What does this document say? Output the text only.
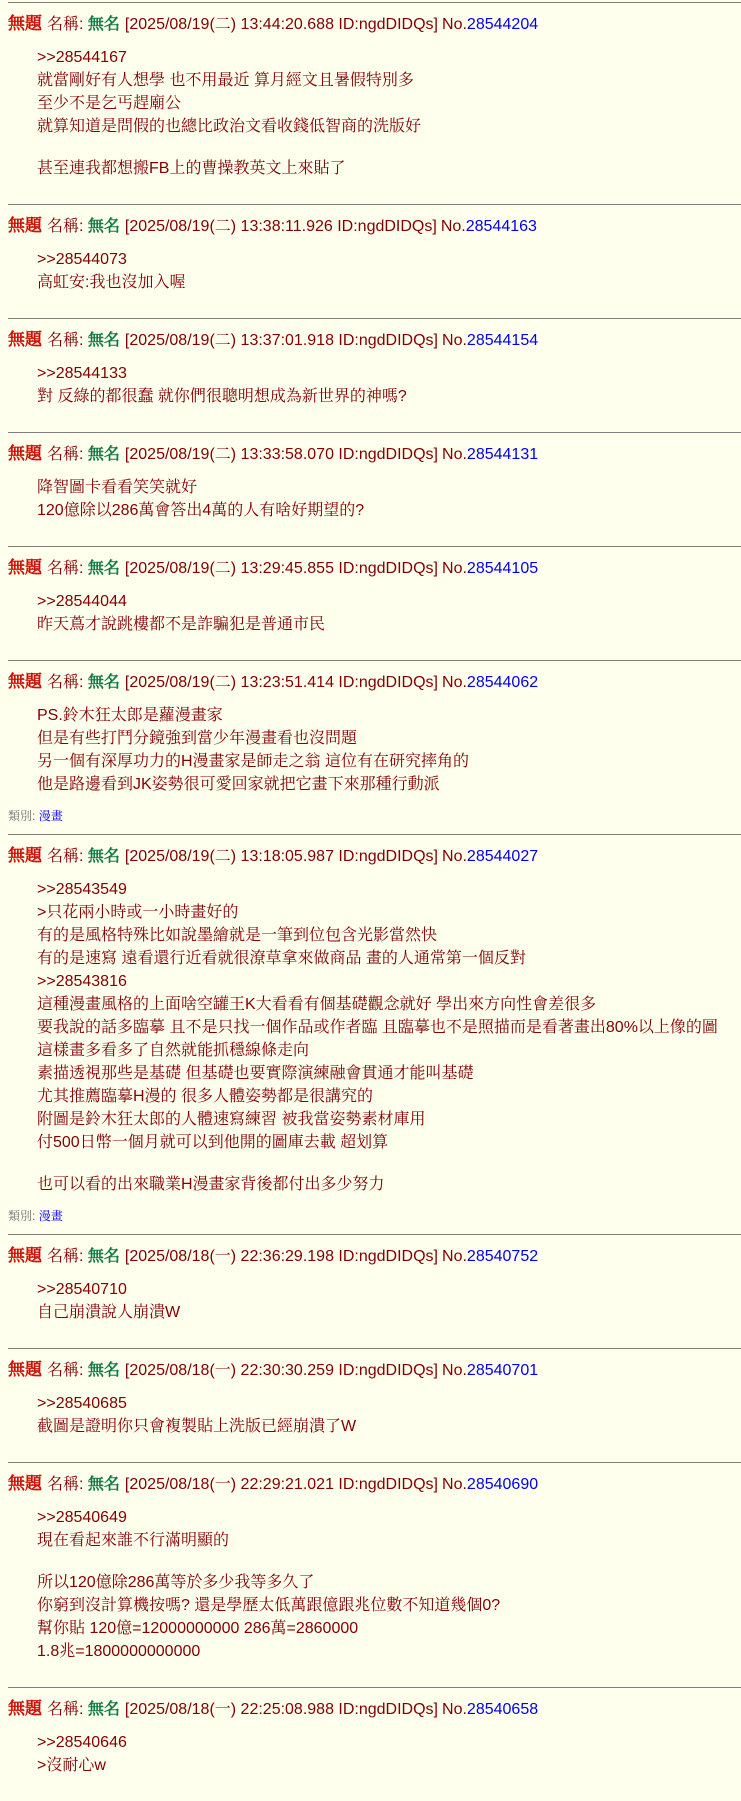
無題 名稱:
無名 [2025/08/19(二) 13:44:20.688 ID:ngdDIDQs] No. 28544204
>>28544167
就當剛好有人想學 也不用最近 算月經文且暑假特別多
至少不是乞丐趕廟公
就算知道是問假的也總比政治文看收錢低智商的洗版好
甚至連我都想搬FB上的曹操教英文上來貼了
無題 名稱:
無名 [2025/08/19(二) 13:38:11.926 ID:ngdDIDQs] No. 28544163
>>28544073
高虹安:我也沒加入喔
無題 名稱:
無名 [2025/08/19(二) 13:37:01.918 ID:ngdDIDQs] No. 28544154
>>28544133
對 反綠的都很蠢 就你們很聰明想成為新世界的神嗎?
無題 名稱:
無名 [2025/08/19(二) 13:33:58.070 ID:ngdDIDQs] No. 28544131
降智圖卡看看笑笑就好
120億除以286萬會答出4萬的人有啥好期望的?
無題 名稱:
無名 [2025/08/19(二) 13:29:45.855 ID:ngdDIDQs] No. 28544105
>>28544044
昨天蔦才說跳樓都不是詐騙犯是普通市民
無題 名稱:
無名 [2025/08/19(二) 13:23:51.414 ID:ngdDIDQs] No. 28544062
PS.鈴木狂太郎是蘿漫畫家
但是有些打鬥分鏡強到當少年漫畫看也沒問題
另一個有深厚功力的H漫畫家是師走之翁 這位有在研究摔角的
他是路邊看到JK姿勢很可愛回家就把它畫下來那種行動派
類別: 漫畫
無題 名稱:
無名 [2025/08/19(二) 13:18:05.987 ID:ngdDIDQs] No. 28544027
>>28543549
>只花兩小時或一小時畫好的
有的是風格特殊比如說墨繪就是一筆到位包含光影當然快
有的是速寫 遠看還行近看就很潦草拿來做商品 畫的人通常第一個反對
>>28543816
這種漫畫風格的上面啥空罐王K大看看有個基礎觀念就好 學出來方向性會差很多
要我說的話多臨摹 且不是只找一個作品或作者臨 且臨摹也不是照描而是看著畫出80%以上像的圖
這樣畫多看多了自然就能抓穩線條走向
素描透視那些是基礎 但基礎也要實際演練融會貫通才能叫基礎
尤其推薦臨摹H漫的 很多人體姿勢都是很講究的
附圖是鈴木狂太郎的人體速寫練習 被我當姿勢素材庫用
付500日幣一個月就可以到他開的圖庫去載 超划算
也可以看的出來職業H漫畫家背後都付出多少努力
類別: 漫畫
無題 名稱:
無名 [2025/08/18(一) 22:36:29.198 ID:ngdDIDQs] No. 28540752
>>28540710
自己崩潰說人崩潰W
無題 名稱:
無名 [2025/08/18(一) 22:30:30.259 ID:ngdDIDQs] No. 28540701
>>28540685
截圖是證明你只會複製貼上洗版已經崩潰了W
無題 名稱:
無名 [2025/08/18(一) 22:29:21.021 ID:ngdDIDQs] No. 28540690
>>28540649
現在看起來誰不行滿明顯的
所以120億除286萬等於多少我等多久了
你窮到沒計算機按嗎? 還是學歷太低萬跟億跟兆位數不知道幾個0?
幫你貼 120億=12000000000 286萬=2860000
1.8兆=1800000000000
無題 名稱:
無名 [2025/08/18(一) 22:25:08.988 ID:ngdDIDQs] No. 28540658
>>28540646
>沒耐心w
